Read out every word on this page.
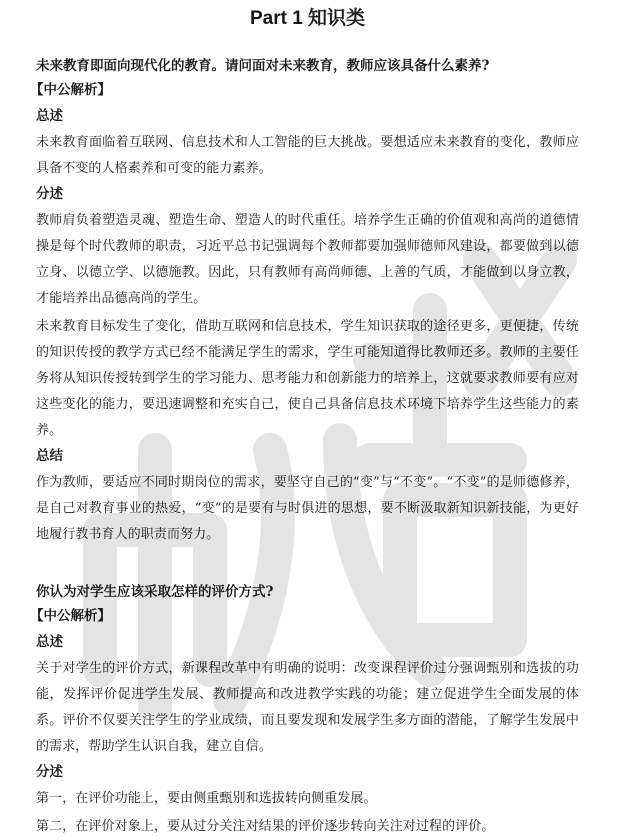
Part 1 知识类
未来教育即面向现代化的教育。请问面对未来教育，教师应该具备什么素养?
【中公解析】
总述

未来教育面临着互联网、信息技术和人工智能的巨大挑战。要想适应未来教育的变化，教师应具备不变的人格素养和可变的能力素养。

分述

教师肩负着塑造灵魂、塑造生命、塑造人的时代重任。培养学生正确的价值观和高尚的道德情操是每个时代教师的职责，习近平总书记强调每个教师都要加强师德师风建设，都要做到以德立身、以德立学、以德施教。因此，只有教师有高尚师德、上善的气质，才能做到以身立教，才能培养出品德高尚的学生。

未来教育目标发生了变化，借助互联网和信息技术，学生知识获取的途径更多，更便捷，传统的知识传授的教学方式已经不能满足学生的需求，学生可能知道得比教师还多。教师的主要任务将从知识传授转到学生的学习能力、思考能力和创新能力的培养上，这就要求教师要有应对这些变化的能力，要迅速调整和充实自己，使自己具备信息技术环境下培养学生这些能力的素养。

总结

作为教师，要适应不同时期岗位的需求，要坚守自己的“变”与“不变”。“不变”的是师德修养，是自己对教育事业的热爱，“变”的是要有与时俱进的思想，要不断汲取新知识新技能，为更好地履行教书育人的职责而努力。

你认为对学生应该采取怎样的评价方式?
【中公解析】
总述

关于对学生的评价方式，新课程改革中有明确的说明：改变课程评价过分强调甄别和选拔的功能，发挥评价促进学生发展、教师提高和改进教学实践的功能；建立促进学生全面发展的体系。评价不仅要关注学生的学业成绩，而且要发现和发展学生多方面的潜能，了解学生发展中的需求，帮助学生认识自我，建立自信。

分述

第一，在评价功能上，要由侧重甄别和选拔转向侧重发展。

第二，在评价对象上，要从过分关注对结果的评价逐步转向关注对过程的评价。
